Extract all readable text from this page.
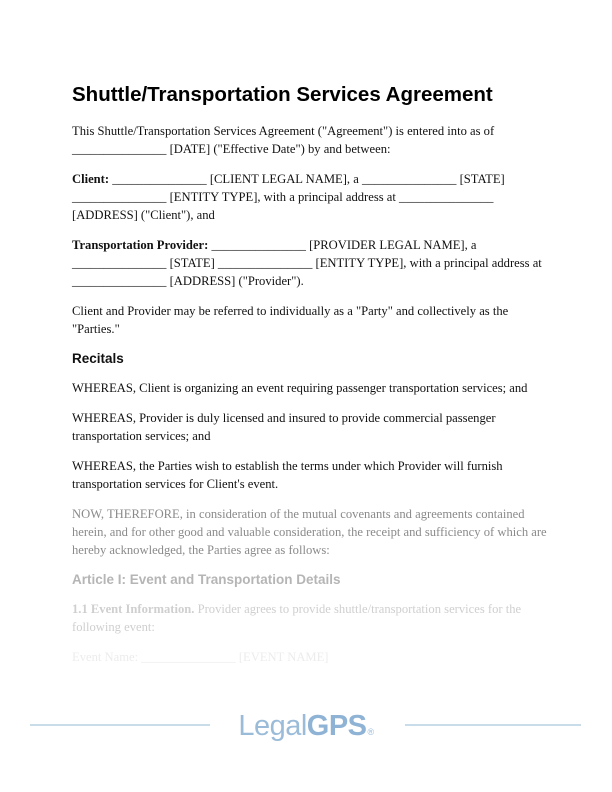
Shuttle/Transportation Services Agreement

This Shuttle/Transportation Services Agreement ("Agreement") is entered into as of _______________ [DATE] ("Effective Date") by and between:

Client: _______________ [CLIENT LEGAL NAME], a _______________ [STATE] _______________ [ENTITY TYPE], with a principal address at _______________ [ADDRESS] ("Client"), and

Transportation Provider: _______________ [PROVIDER LEGAL NAME], a _______________ [STATE] _______________ [ENTITY TYPE], with a principal address at _______________ [ADDRESS] ("Provider").

Client and Provider may be referred to individually as a "Party" and collectively as the "Parties."

Recitals

WHEREAS, Client is organizing an event requiring passenger transportation services; and

WHEREAS, Provider is duly licensed and insured to provide commercial passenger transportation services; and

WHEREAS, the Parties wish to establish the terms under which Provider will furnish transportation services for Client's event.

NOW, THEREFORE, in consideration of the mutual covenants and agreements contained herein, and for other good and valuable consideration, the receipt and sufficiency of which are hereby acknowledged, the Parties agree as follows:

Article I: Event and Transportation Details

1.1 Event Information. Provider agrees to provide shuttle/transportation services for the following event:

Event Name: _______________ [EVENT NAME]

LegalGPS®
